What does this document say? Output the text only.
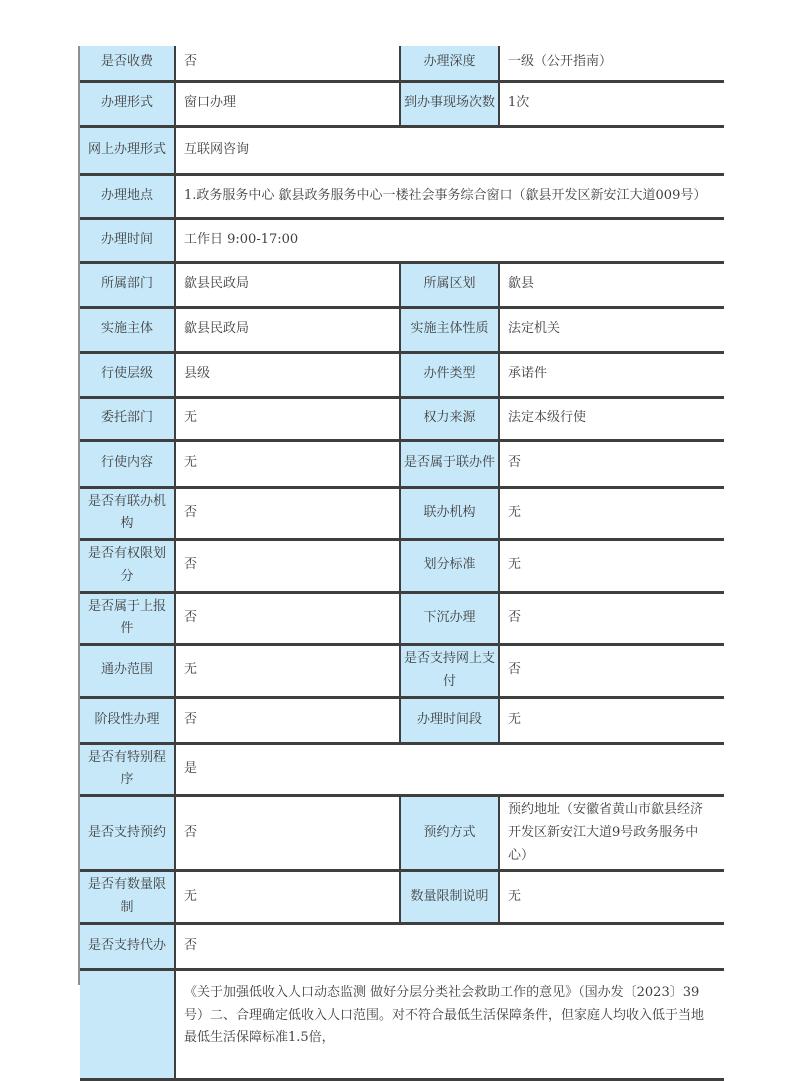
是否收费	否	办理深度	一级（公开指南）
办理形式	窗口办理	到办事现场次数	1次
网上办理形式	互联网咨询		
办理地点	1.政务服务中心 歙县政务服务中心一楼社会事务综合窗口（歙县开发区新安江大道009号）		
办理时间	工作日 9:00-17:00		
所属部门	歙县民政局	所属区划	歙县
实施主体	歙县民政局	实施主体性质	法定机关
行使层级	县级	办件类型	承诺件
委托部门	无	权力来源	法定本级行使
行使内容	无	是否属于联办件	否
是否有联办机构	否	联办机构	无
是否有权限划分	否	划分标准	无
是否属于上报件	否	下沉办理	否
通办范围	无	是否支持网上支付	否
阶段性办理	否	办理时间段	无
是否有特别程序	是		
是否支持预约	否	预约方式	预约地址（安徽省黄山市歙县经济开发区新安江大道9号政务服务中心）
是否有数量限制	无	数量限制说明	无
是否支持代办	否		
	《关于加强低收入人口动态监测 做好分层分类社会救助工作的意见》（国办发〔2023〕39号）二、合理确定低收入人口范围。对不符合最低生活保障条件，但家庭人均收入低于当地最低生活保障标准1.5倍，		
